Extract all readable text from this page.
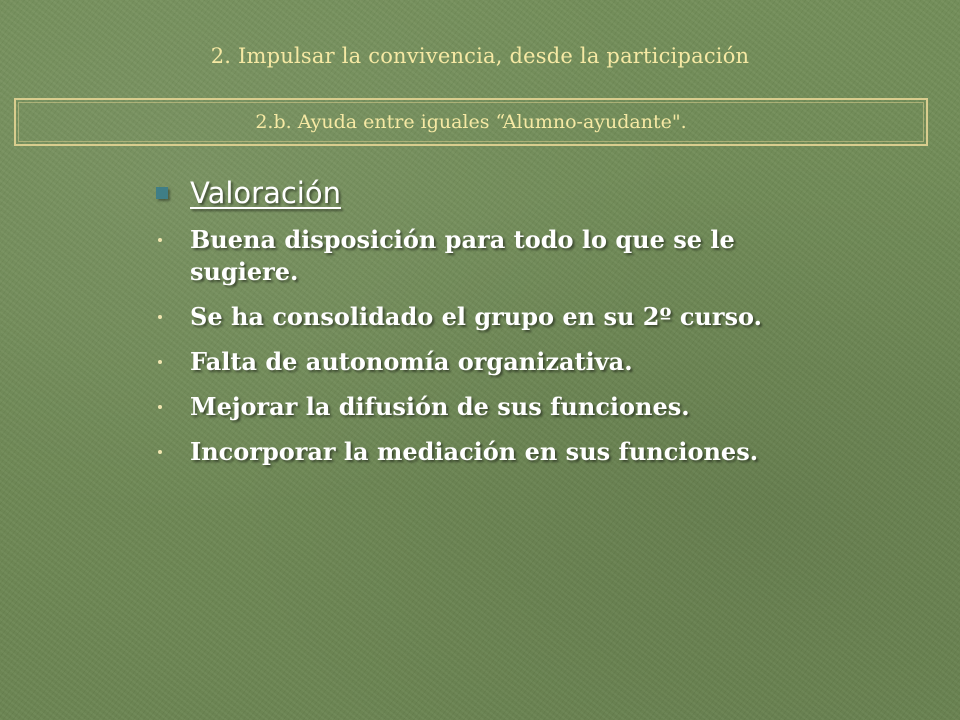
2. Impulsar la convivencia, desde la participación
2.b. Ayuda entre iguales “Alumno-ayudante".
Valoración
Buena disposición para todo lo que se le sugiere.
Se ha consolidado el grupo en su 2º curso.
Falta de autonomía organizativa.
Mejorar la difusión de sus funciones.
Incorporar la mediación en sus funciones.
